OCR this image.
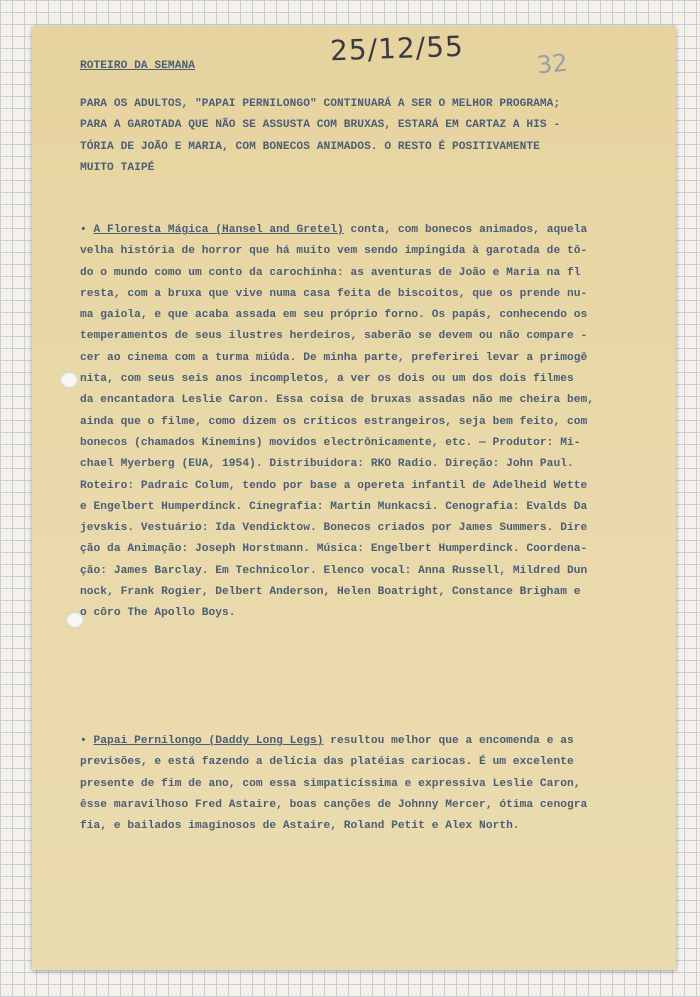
25/12/55	32
ROTEIRO DA SEMANA
PARA OS ADULTOS, "PAPAI PERNILONGO" CONTINUARÁ A SER O MELHOR PROGRAMA;
PARA A GAROTADA QUE NÃO SE ASSUSTA COM BRUXAS, ESTARÁ EM CARTAZ A HIS -
TÓRIA DE JOÃO E MARIA, COM BONECOS ANIMADOS. O RESTO É POSITIVAMENTE
MUITO TAIPÉ
• A Floresta Mágica (Hansel and Gretel) conta, com bonecos animados, aquela
velha história de horror que há muito vem sendo impingida à garotada de tô-
do o mundo como um conto da carochinha: as aventuras de João e Maria na fl
resta, com a bruxa que vive numa casa feita de biscoitos, que os prende nu-
ma gaiola, e que acaba assada em seu próprio forno. Os papás, conhecendo os
temperamentos de seus ilustres herdeiros, saberão se devem ou não compare -
cer ao cinema com a turma miúda. De minha parte, preferirei levar a primogê
nita, com seus seis anos incompletos, a ver os dois ou um dos dois filmes
da encantadora Leslie Caron. Essa coisa de bruxas assadas não me cheira bem,
ainda que o filme, como dizem os críticos estrangeiros, seja bem feito, com
bonecos (chamados Kinemins) movidos electrônicamente, etc. — Produtor: Mi-
chael Myerberg (EUA, 1954). Distribuidora: RKO Radio. Direção: John Paul.
Roteiro: Padraic Colum, tendo por base a opereta infantil de Adelheid Wette
e Engelbert Humperdinck. Cinegrafia: Martin Munkacsi. Cenografia: Evalds Da
jevskis. Vestuário: Ida Vendicktow. Bonecos criados por James Summers. Dire
ção da Animação: Joseph Horstmann. Música: Engelbert Humperdinck. Coordena-
ção: James Barclay. Em Technicolor. Elenco vocal: Anna Russell, Mildred Dun
nock, Frank Rogier, Delbert Anderson, Helen Boatright, Constance Brigham e
o côro The Apollo Boys.
• Papai Pernilongo (Daddy Long Legs) resultou melhor que a encomenda e as
previsões, e está fazendo a delícia das platéias cariocas. É um excelente
presente de fim de ano, com essa simpaticíssima e expressiva Leslie Caron,
êsse maravilhoso Fred Astaire, boas canções de Johnny Mercer, ótima cenogra
fia, e bailados imaginosos de Astaire, Roland Petit e Alex North.
